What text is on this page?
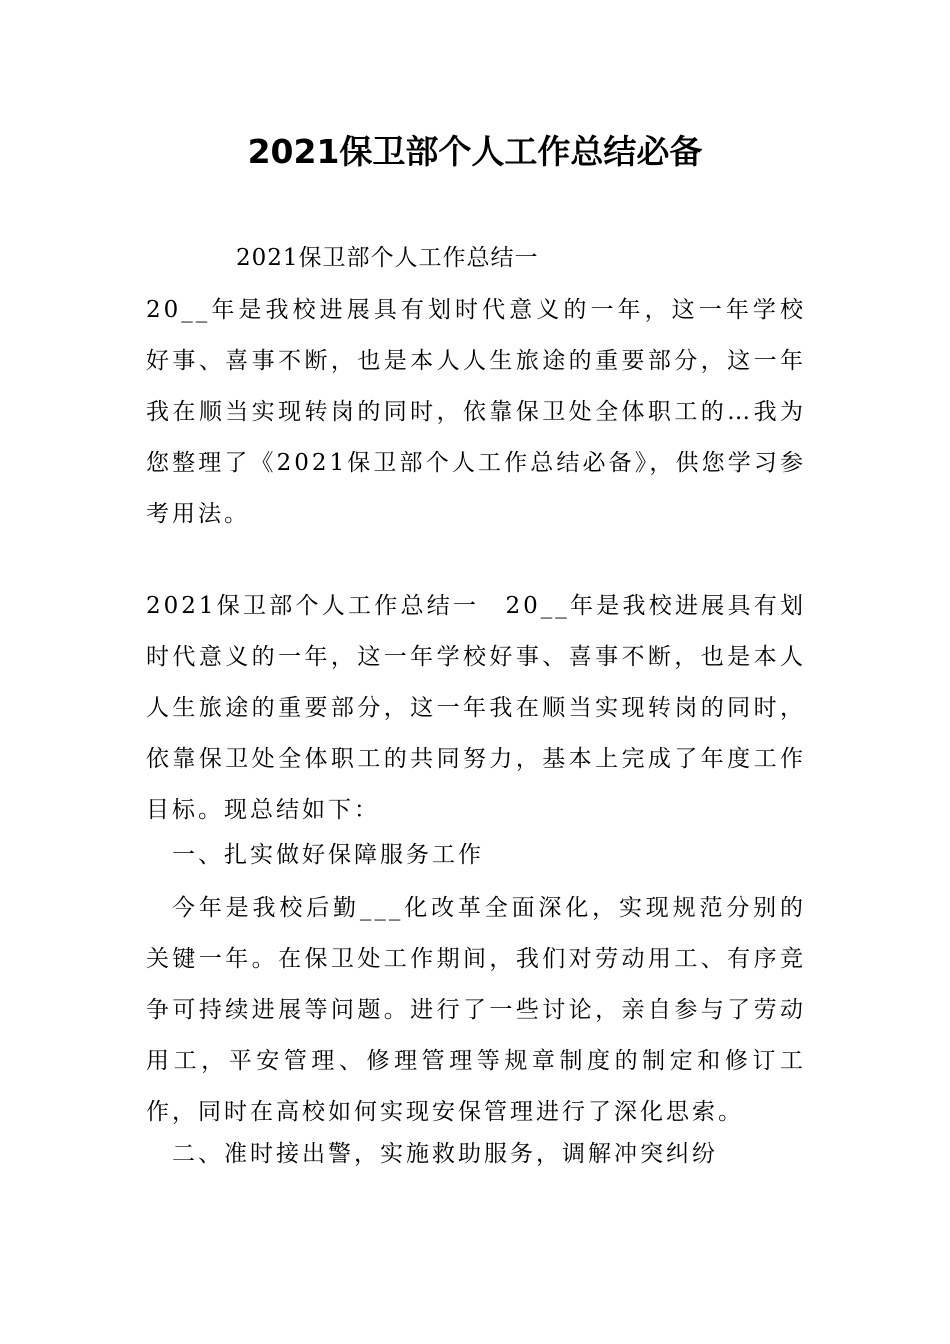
2021保卫部个人工作总结必备
2021保卫部个人工作总结一
20__年是我校进展具有划时代意义的一年，这一年学校好事、喜事不断，也是本人人生旅途的重要部分，这一年我在顺当实现转岗的同时，依靠保卫处全体职工的…我为您整理了《2021保卫部个人工作总结必备》，供您学习参考用法。
2021保卫部个人工作总结一　20__年是我校进展具有划时代意义的一年，这一年学校好事、喜事不断，也是本人人生旅途的重要部分，这一年我在顺当实现转岗的同时，依靠保卫处全体职工的共同努力，基本上完成了年度工作目标。现总结如下：
一、扎实做好保障服务工作
今年是我校后勤___化改革全面深化，实现规范分别的关键一年。在保卫处工作期间，我们对劳动用工、有序竞争可持续进展等问题。进行了一些讨论，亲自参与了劳动用工，平安管理、修理管理等规章制度的制定和修订工作，同时在高校如何实现安保管理进行了深化思索。
二、准时接出警，实施救助服务，调解冲突纠纷
